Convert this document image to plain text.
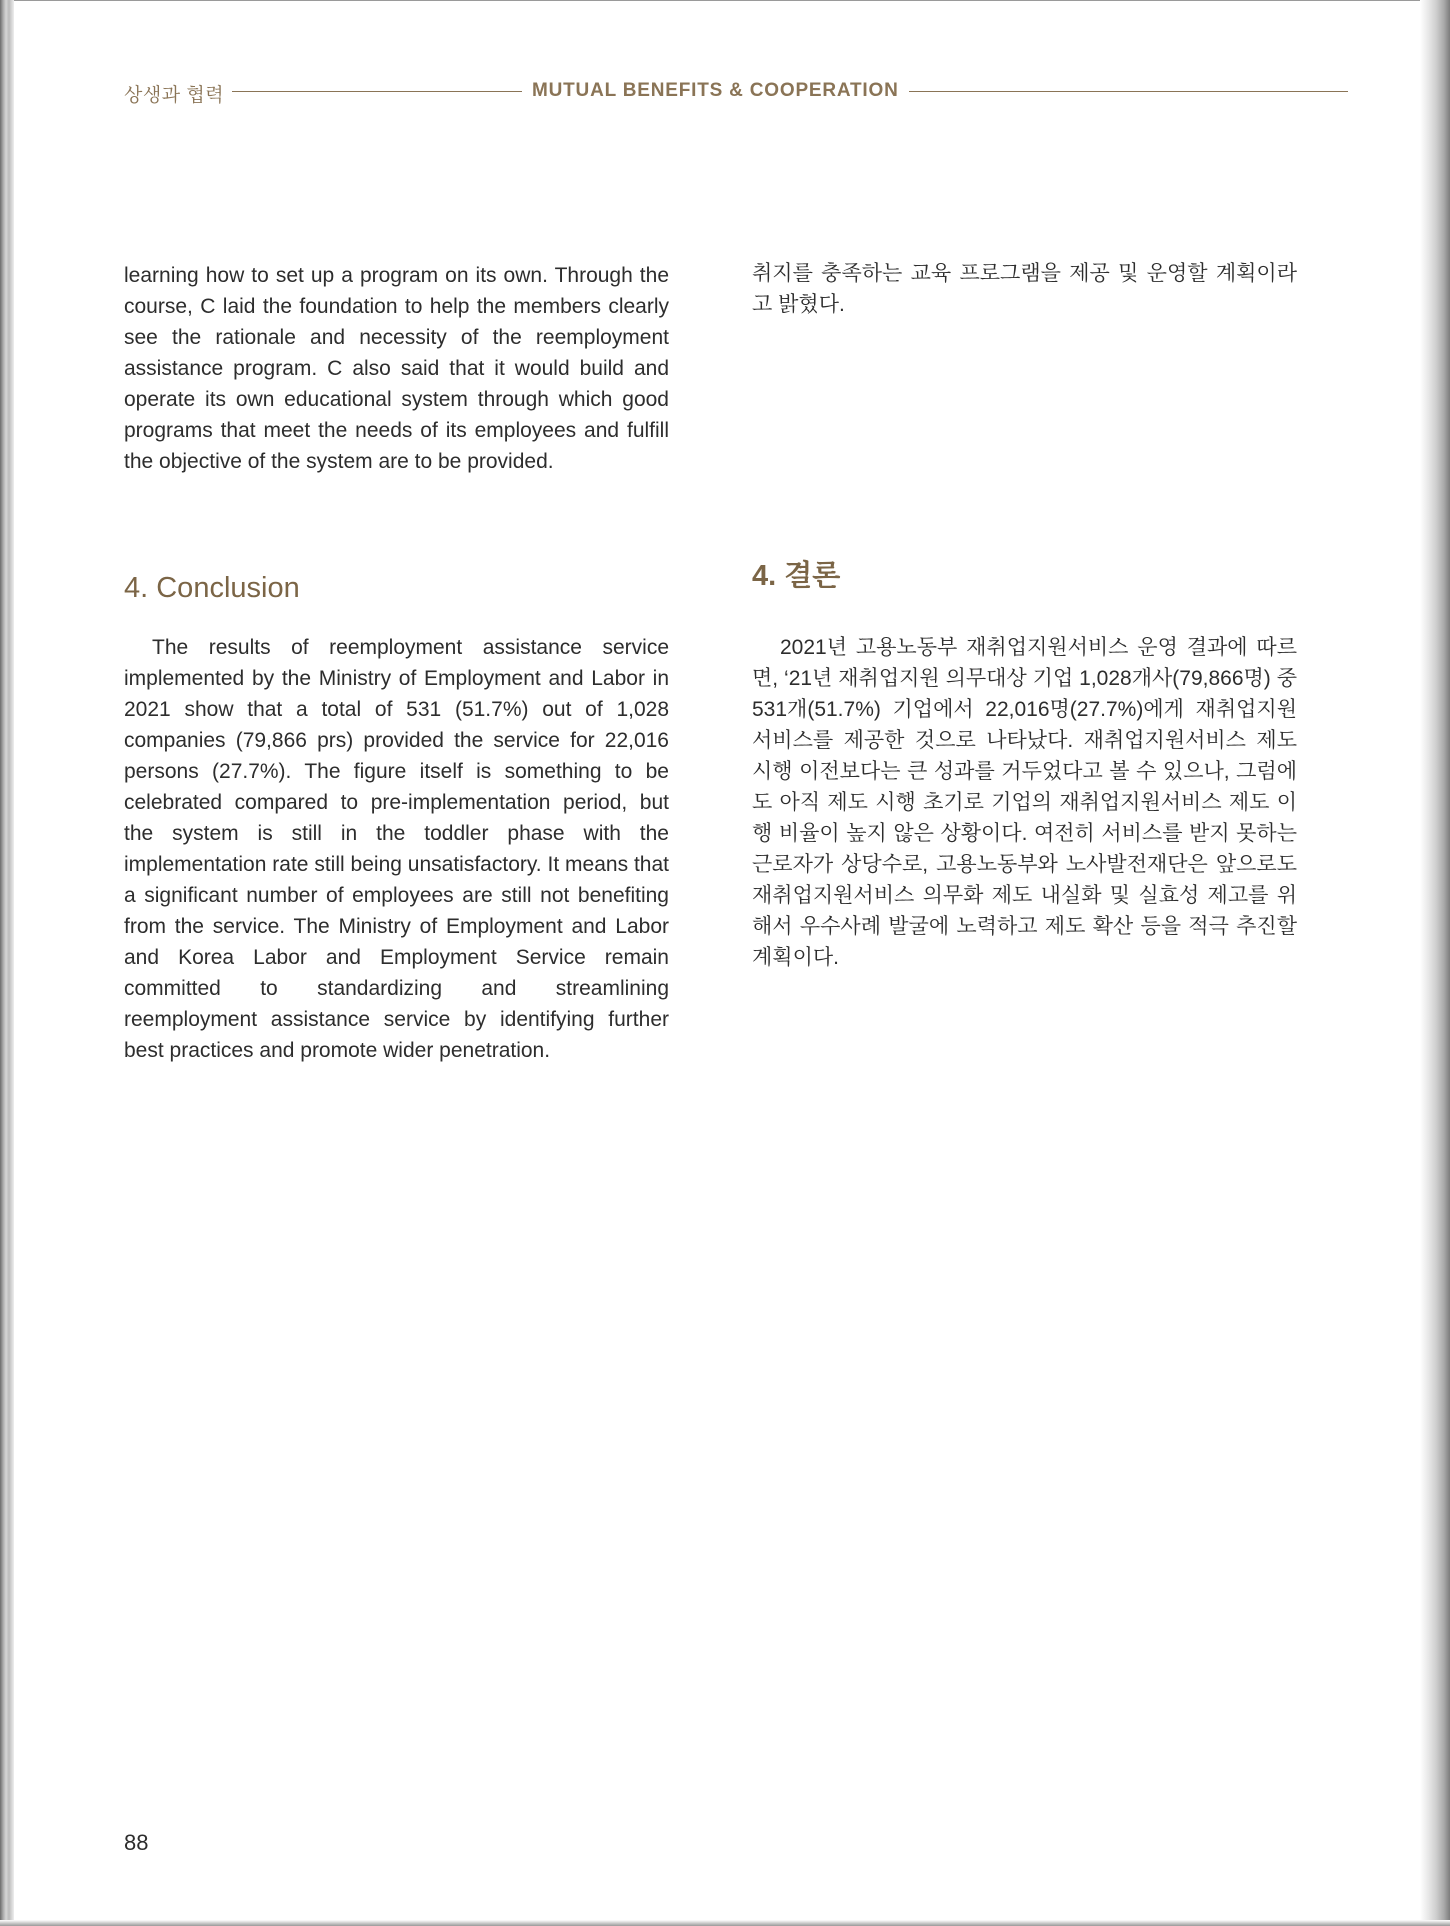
상생과 협력	MUTUAL BENEFITS & COOPERATION

learning how to set up a program on its own. Through the course, C laid the foundation to help the members clearly see the rationale and necessity of the reemployment assistance program. C also said that it would build and operate its own educational system through which good programs that meet the needs of its employees and fulfill the objective of the system are to be provided.

취지를 충족하는 교육 프로그램을 제공 및 운영할 계획이라고 밝혔다.

4. Conclusion

The results of reemployment assistance service implemented by the Ministry of Employment and Labor in 2021 show that a total of 531 (51.7%) out of 1,028 companies (79,866 prs) provided the service for 22,016 persons (27.7%). The figure itself is something to be celebrated compared to pre-implementation period, but the system is still in the toddler phase with the implementation rate still being unsatisfactory. It means that a significant number of employees are still not benefiting from the service. The Ministry of Employment and Labor and Korea Labor and Employment Service remain committed to standardizing and streamlining reemployment assistance service by identifying further best practices and promote wider penetration.

4. 결론

2021년 고용노동부 재취업지원서비스 운영 결과에 따르면, ‘21년 재취업지원 의무대상 기업 1,028개사(79,866명) 중 531개(51.7%) 기업에서 22,016명(27.7%)에게 재취업지원서비스를 제공한 것으로 나타났다. 재취업지원서비스 제도 시행 이전보다는 큰 성과를 거두었다고 볼 수 있으나, 그럼에도 아직 제도 시행 초기로 기업의 재취업지원서비스 제도 이행 비율이 높지 않은 상황이다. 여전히 서비스를 받지 못하는 근로자가 상당수로, 고용노동부와 노사발전재단은 앞으로도 재취업지원서비스 의무화 제도 내실화 및 실효성 제고를 위해서 우수사례 발굴에 노력하고 제도 확산 등을 적극 추진할 계획이다.

88
